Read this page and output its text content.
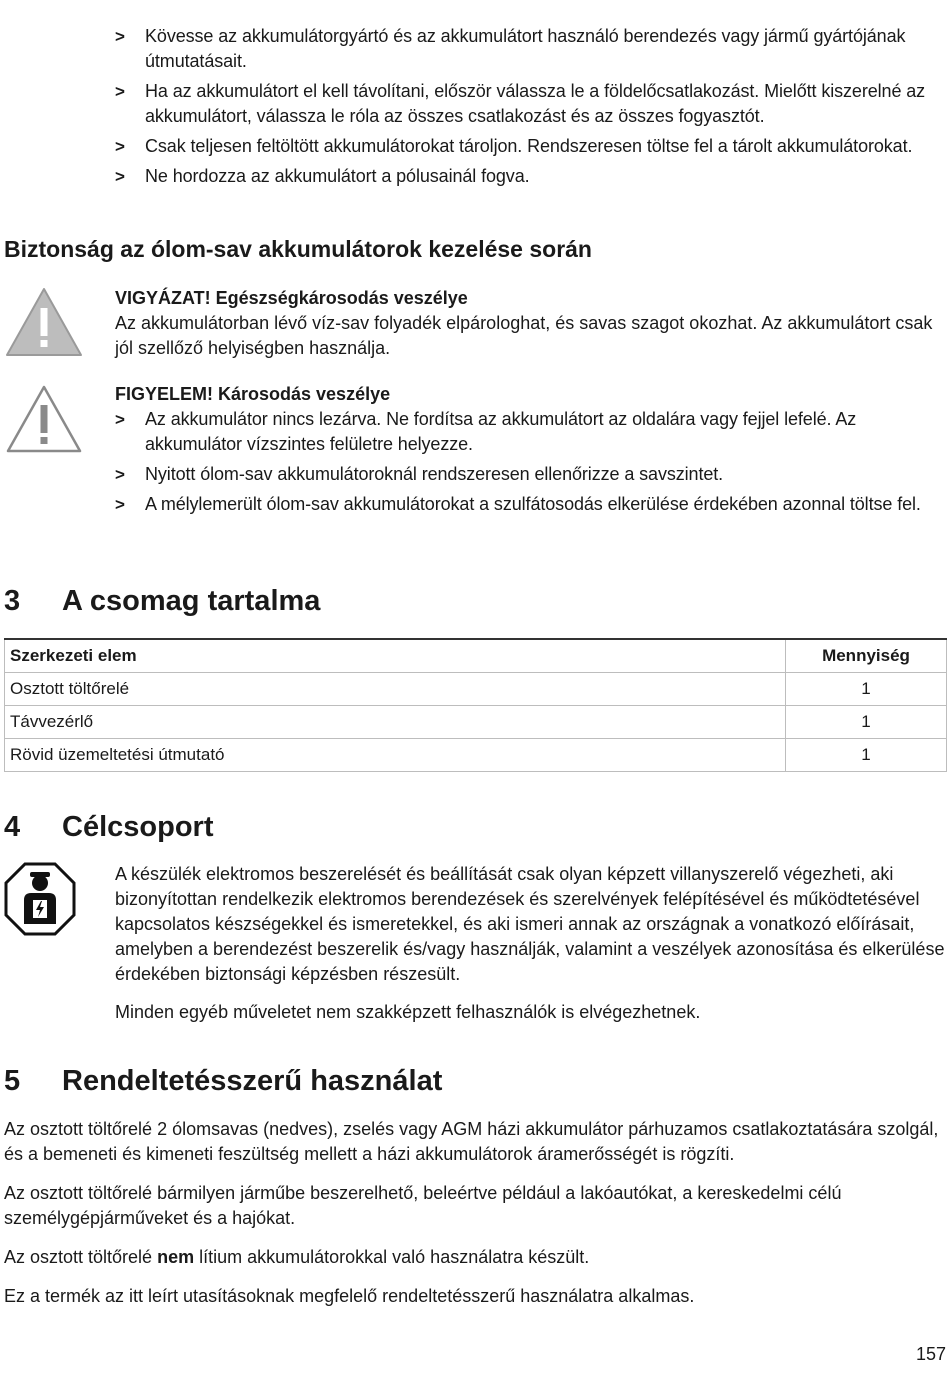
> Kövesse az akkumulátorgyártó és az akkumulátort használó berendezés vagy jármű gyártójának útmutatásait.
> Ha az akkumulátort el kell távolítani, először válassza le a földelőcsatlakozást. Mielőtt kiszerelné az akkumulátort, válassza le róla az összes csatlakozást és az összes fogyasztót.
> Csak teljesen feltöltött akkumulátorokat tároljon. Rendszeresen töltse fel a tárolt akkumulátorokat.
> Ne hordozza az akkumulátort a pólusainál fogva.
Biztonság az ólom-sav akkumulátorok kezelése során
VIGYÁZAT! Egészségkárosodás veszélye
Az akkumulátorban lévő víz-sav folyadék elpárologhat, és savas szagot okozhat. Az akkumulátort csak jól szellőző helyiségben használja.
FIGYELEM! Károsodás veszélye
> Az akkumulátor nincs lezárva. Ne fordítsa az akkumulátort az oldalára vagy fejjel lefelé. Az akkumulátor vízszintes felületre helyezze.
> Nyitott ólom-sav akkumulátoroknál rendszeresen ellenőrizze a savszintet.
> A mélylemerült ólom-sav akkumulátorokat a szulfátosodás elkerülése érdekében azonnal töltse fel.
3 A csomag tartalma
Szerkezeti elem	Mennyiség
Osztott töltőrelé	1
Távvezérlő	1
Rövid üzemeltetési útmutató	1
4 Célcsoport

A készülék elektromos beszerelését és beállítását csak olyan képzett villanyszerelő végezheti, aki bizonyítottan rendelkezik elektromos berendezések és szerelvények felépítésével és működtetésével kapcsolatos készségekkel és ismeretekkel, és aki ismeri annak az országnak a vonatkozó előírásait, amelyben a berendezést beszerelik és/vagy használják, valamint a veszélyek azonosítása és elkerülése érdekében biztonsági képzésben részesült.

Minden egyéb műveletet nem szakképzett felhasználók is elvégezhetnek.

5 Rendeltetésszerű használat

Az osztott töltőrelé 2 ólomsavas (nedves), zselés vagy AGM házi akkumulátor párhuzamos csatlakoztatására szolgál, és a bemeneti és kimeneti feszültség mellett a házi akkumulátorok áramerősségét is rögzíti.

Az osztott töltőrelé bármilyen járműbe beszerelhető, beleértve például a lakóautókat, a kereskedelmi célú személygépjárműveket és a hajókat.

Az osztott töltőrelé nem lítium akkumulátorokkal való használatra készült.

Ez a termék az itt leírt utasításoknak megfelelő rendeltetésszerű használatra alkalmas.

157
